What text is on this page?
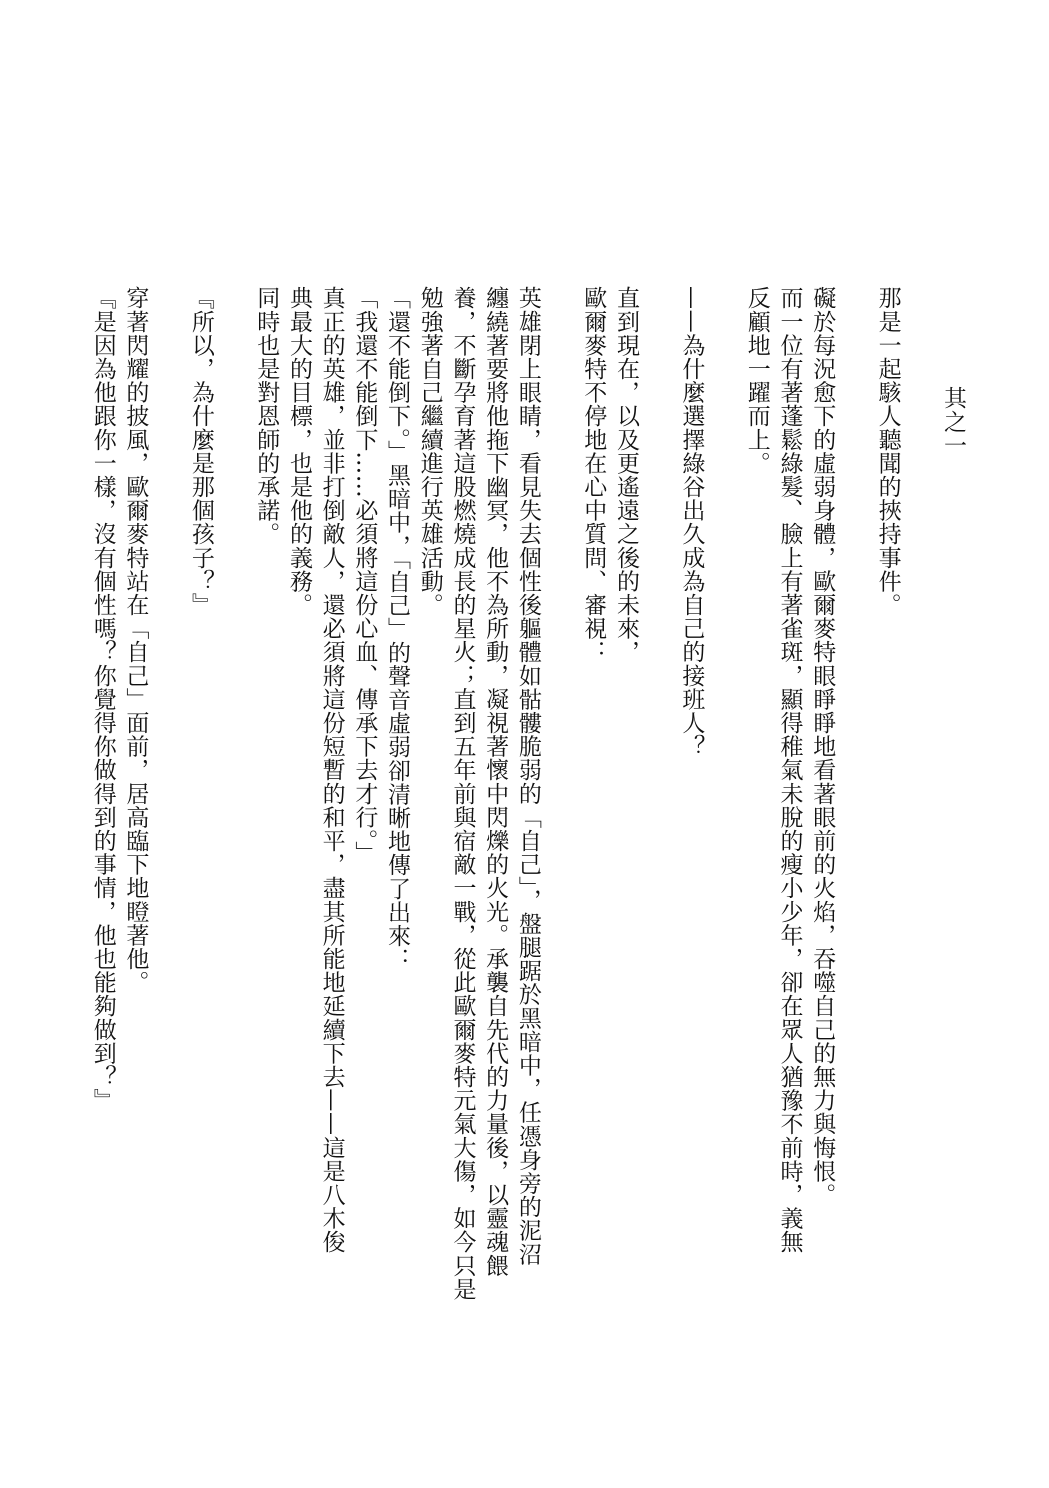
其之一
那是一起駭人聽聞的挾持事件。
礙於每況愈下的虛弱身體，歐爾麥特眼睜睜地看著眼前的火焰，吞噬自己的無力與悔恨。
而一位有著蓬鬆綠髮、臉上有著雀斑，顯得稚氣未脫的瘦小少年，卻在眾人猶豫不前時，義無
反顧地一躍而上。
——為什麼選擇綠谷出久成為自己的接班人？
直到現在，以及更遙遠之後的未來，
歐爾麥特不停地在心中質問、審視：
英雄閉上眼睛，看見失去個性後軀體如骷髏脆弱的「自己」，盤腿踞於黑暗中，任憑身旁的泥沼
纏繞著要將他拖下幽冥，他不為所動，凝視著懷中閃爍的火光。承襲自先代的力量後，以靈魂餵
養，不斷孕育著這股燃燒成長的星火；直到五年前與宿敵一戰，從此歐爾麥特元氣大傷，如今只是
勉強著自己繼續進行英雄活動。
「還不能倒下。」黑暗中，「自己」的聲音虛弱卻清晰地傳了出來：
「我還不能倒下……必須將這份心血、傳承下去才行。」
真正的英雄，並非打倒敵人，還必須將這份短暫的和平，盡其所能地延續下去——這是八木俊
典最大的目標，也是他的義務。
同時也是對恩師的承諾。
『所以，為什麼是那個孩子？』
穿著閃耀的披風，歐爾麥特站在「自己」面前，居高臨下地瞪著他。
『是因為他跟你一樣，沒有個性嗎？你覺得你做得到的事情，他也能夠做到？』
